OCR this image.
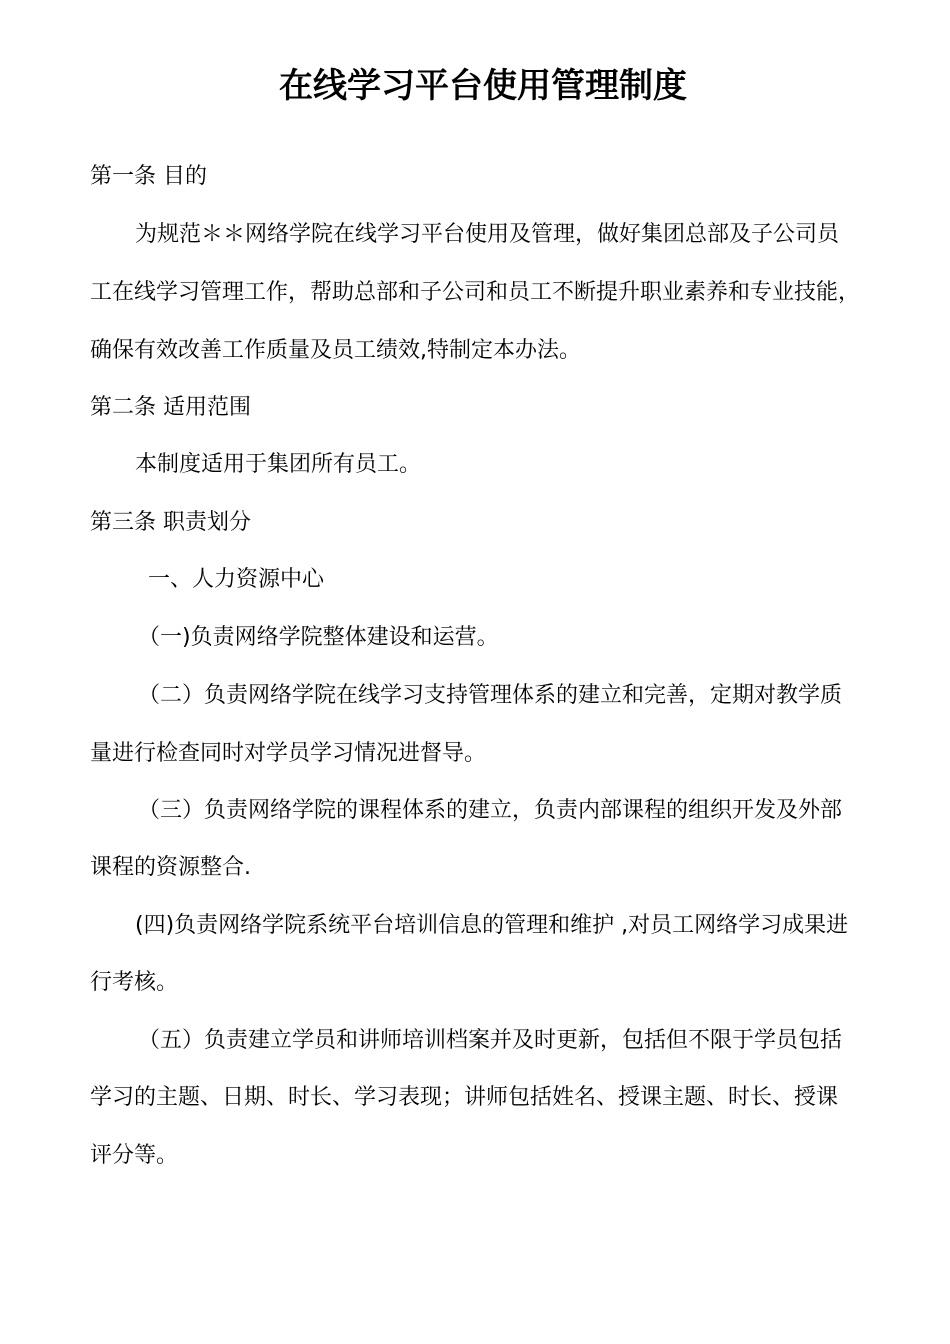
在线学习平台使用管理制度
第一条 目的
为规范＊＊网络学院在线学习平台使用及管理，做好集团总部及子公司员
工在线学习管理工作，帮助总部和子公司和员工不断提升职业素养和专业技能，
确保有效改善工作质量及员工绩效,特制定本办法。
第二条 适用范围
本制度适用于集团所有员工。
第三条 职责划分
一、人力资源中心
（一)负责网络学院整体建设和运营。
（二）负责网络学院在线学习支持管理体系的建立和完善，定期对教学质
量进行检查同时对学员学习情况进督导。
（三）负责网络学院的课程体系的建立，负责内部课程的组织开发及外部
课程的资源整合.
(四)负责网络学院系统平台培训信息的管理和维护 ,对员工网络学习成果进
行考核。
（五）负责建立学员和讲师培训档案并及时更新，包括但不限于学员包括
学习的主题、日期、时长、学习表现；讲师包括姓名、授课主题、时长、授课
评分等。
